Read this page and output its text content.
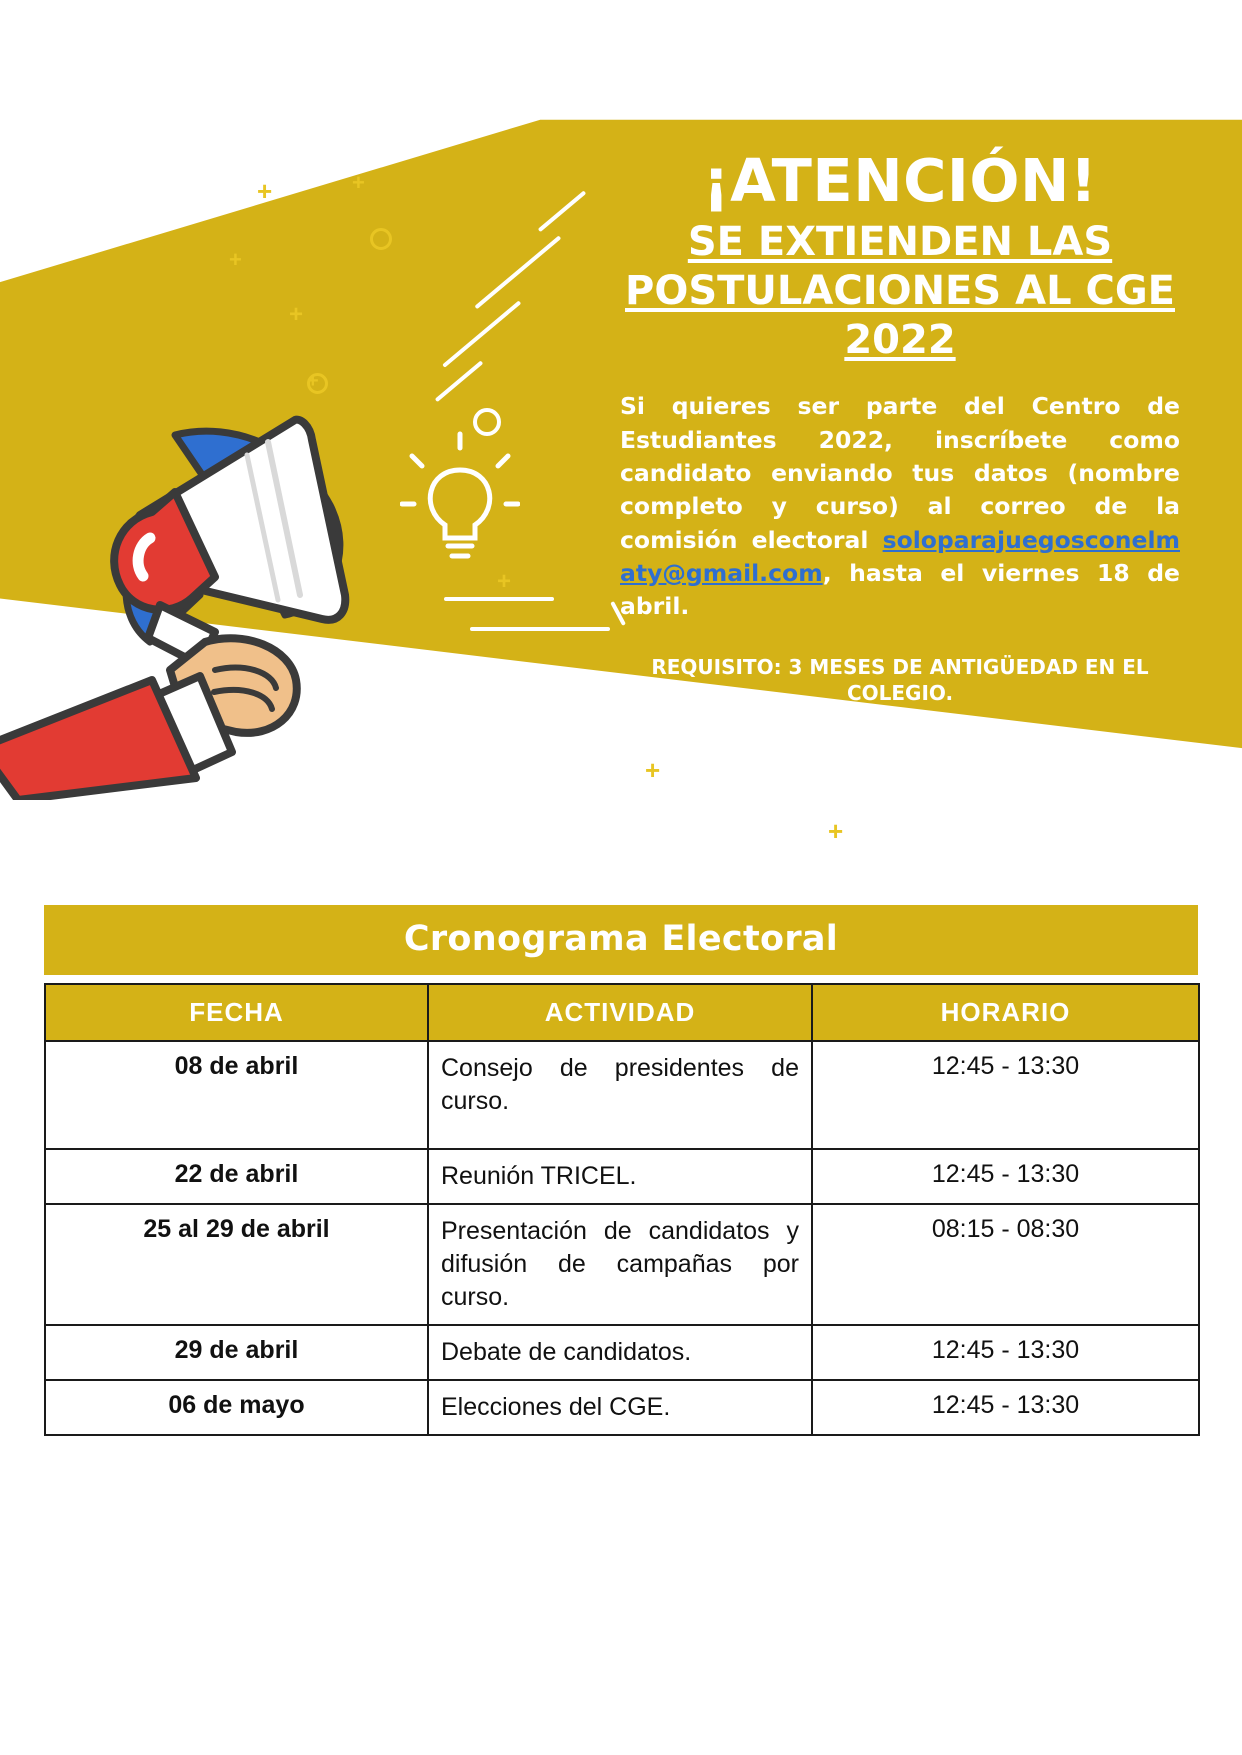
+	+
+
+
+
+
+
+
¡ATENCIÓN!
SE EXTIENDEN LAS POSTULACIONES AL CGE 2022

Si quieres ser parte del Centro de Estudiantes 2022, inscríbete como candidato enviando tus datos (nombre completo y curso) al correo de la comisión electoral soloparajuegosconelmaty@gmail.com, hasta el viernes 18 de abril.

REQUISITO: 3 MESES DE ANTIGÜEDAD EN EL COLEGIO.

Cronograma Electoral
FECHA	ACTIVIDAD	HORARIO
08 de abril	Consejo de presidentes de curso.	12:45 - 13:30
22 de abril	Reunión TRICEL.	12:45 - 13:30
25 al 29 de abril	Presentación de candidatos y difusión de campañas por curso.	08:15 - 08:30
29 de abril	Debate de candidatos.	12:45 - 13:30
06 de mayo	Elecciones del CGE.	12:45 - 13:30
